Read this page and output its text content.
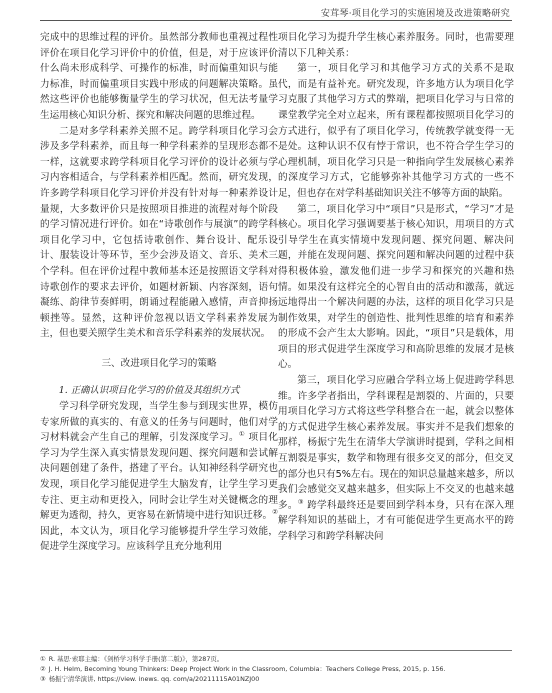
安茸琴·项目化学习的实施困境及改进策略研究

完成中的思维过程的评价。虽然部分教师也重视过程性评价在项目化学习评价中的价值，但是，对于应该评价什么尚未形成科学、可操作的标准，时而偏重知识与能力标准，时而偏重项目实践中形成的问题解决策略。虽然这些评价也能够衡量学生的学习状况，但无法考量学生运用核心知识分析、探究和解决问题的思维过程。

二是对多学科素养关照不足。跨学科项目化学习会涉及多学科素养，而且每一种学科素养的呈现形态都不一样，这就要求跨学科项目化学习评价的设计必须与学习内容相适合，与学科素养相匹配。然而，研究发现，许多跨学科项目化学习评价并没有针对每一种素养设计量规，大多数评价只是按照项目推进的流程对每个阶段的学习情况进行评价。如在“诗歌创作与展演”的跨学科项目化学习中，它包括诗歌创作、舞台设计、配乐设计、服装设计等环节，至少会涉及语文、音乐、美术三个学科。但在评价过程中教师基本还是按照语文学科对诗歌创作的要求去评价，如题材新颖、内容深刻，语句凝练、韵律节奏鲜明，朗诵过程能融入感情，声音抑扬顿挫等。显然，这种评价忽视以语文学科素养发展为主，但也要关照学生美术和音乐学科素养的发展状况。

三、改进项目化学习的策略

1. 正确认识项目化学习的价值及其组织方式

学习科学研究发现，当学生参与到现实世界，模仿专家所做的真实的、有意义的任务与问题时，他们对学习材料就会产生自己的理解，引发深度学习。① 项目化学习为学生深入真实情景发现问题、探究问题和尝试解决问题创建了条件，搭建了平台。认知神经科学研究也发现，项目化学习能促进学生大脑发育，让学生学习更专注、更主动和更投入，同时会让学生对关键概念的理解更为透彻，持久，更容易在新情境中进行知识迁移。② 因此，本文认为，项目化学习能够提升学生学习效能，促进学生深度学习。应该科学且充分地利用

项目化学习为提升学生核心素养服务。同时，也需要理清以下几种关系：

第一，项目化学习和其他学习方式的关系不是取代，而是有益补充。研究发现，许多地方认为项目化学习克服了其他学习方式的弊端，把项目化学习与日常的课堂教学完全对立起来，所有课程都按照项目化学习的方式进行，似乎有了项目化学习，传统教学就变得一无是处。这种认识不仅有悖于常识，也不符合学生学习的心理机制，项目化学习只是一种指向学生发展核心素养的深度学习方式，它能够弥补其他学习方式的一些不足，但也存在对学科基础知识关注不够等方面的缺陷。

第二，项目化学习中“项目”只是形式，“学习”才是核心。项目化学习强调要基于核心知识，用项目的方式引导学生在真实情境中发现问题、探究问题、解决问题，并能在发现问题、探究问题和解决问题的过程中获得积极体验，激发他们进一步学习和探究的兴趣和热情。如果没有这样完全的心智自由的活动和激荡，就远远地得出一个解决问题的办法，这样的项目化学习只是制作效果，对学生的创造性、批判性思维的培育和素养的形成不会产生太大影响。因此，“项目”只是载体，用项目的形式促进学生深度学习和高阶思维的发展才是核心。

第三，项目化学习应融合学科立场上促进跨学科思维。许多学者指出，学科课程是割裂的、片面的，只要用项目化学习方式将这些学科整合在一起，就会以整体的方式促进学生核心素养发展。事实并不是我们想象的那样，杨振宁先生在清华大学演讲时提到，学科之间相互割裂是事实，数学和物理有很多交叉的部分，但交叉的部分也只有5%左右。现在的知识总量越来越多，所以我们会感觉交叉越来越多，但实际上不交叉的也越来越多。③ 跨学科最终还是要回到学科本身，只有在深入理解学科知识的基础上，才有可能促进学生更高水平的跨学科学习和跨学科解决问

① R. 基思·索耶主编：《剑桥学习科学手册(第二版)》，第287页。
② J. H. Helm, Becoming Young Thinkers: Deep Project Work in the Classroom, Columbia：Teachers College Press, 2015, p. 156.
③ 杨振宁清华演讲, https://view. inews. qq. com/a/20211115A01NZJ00
